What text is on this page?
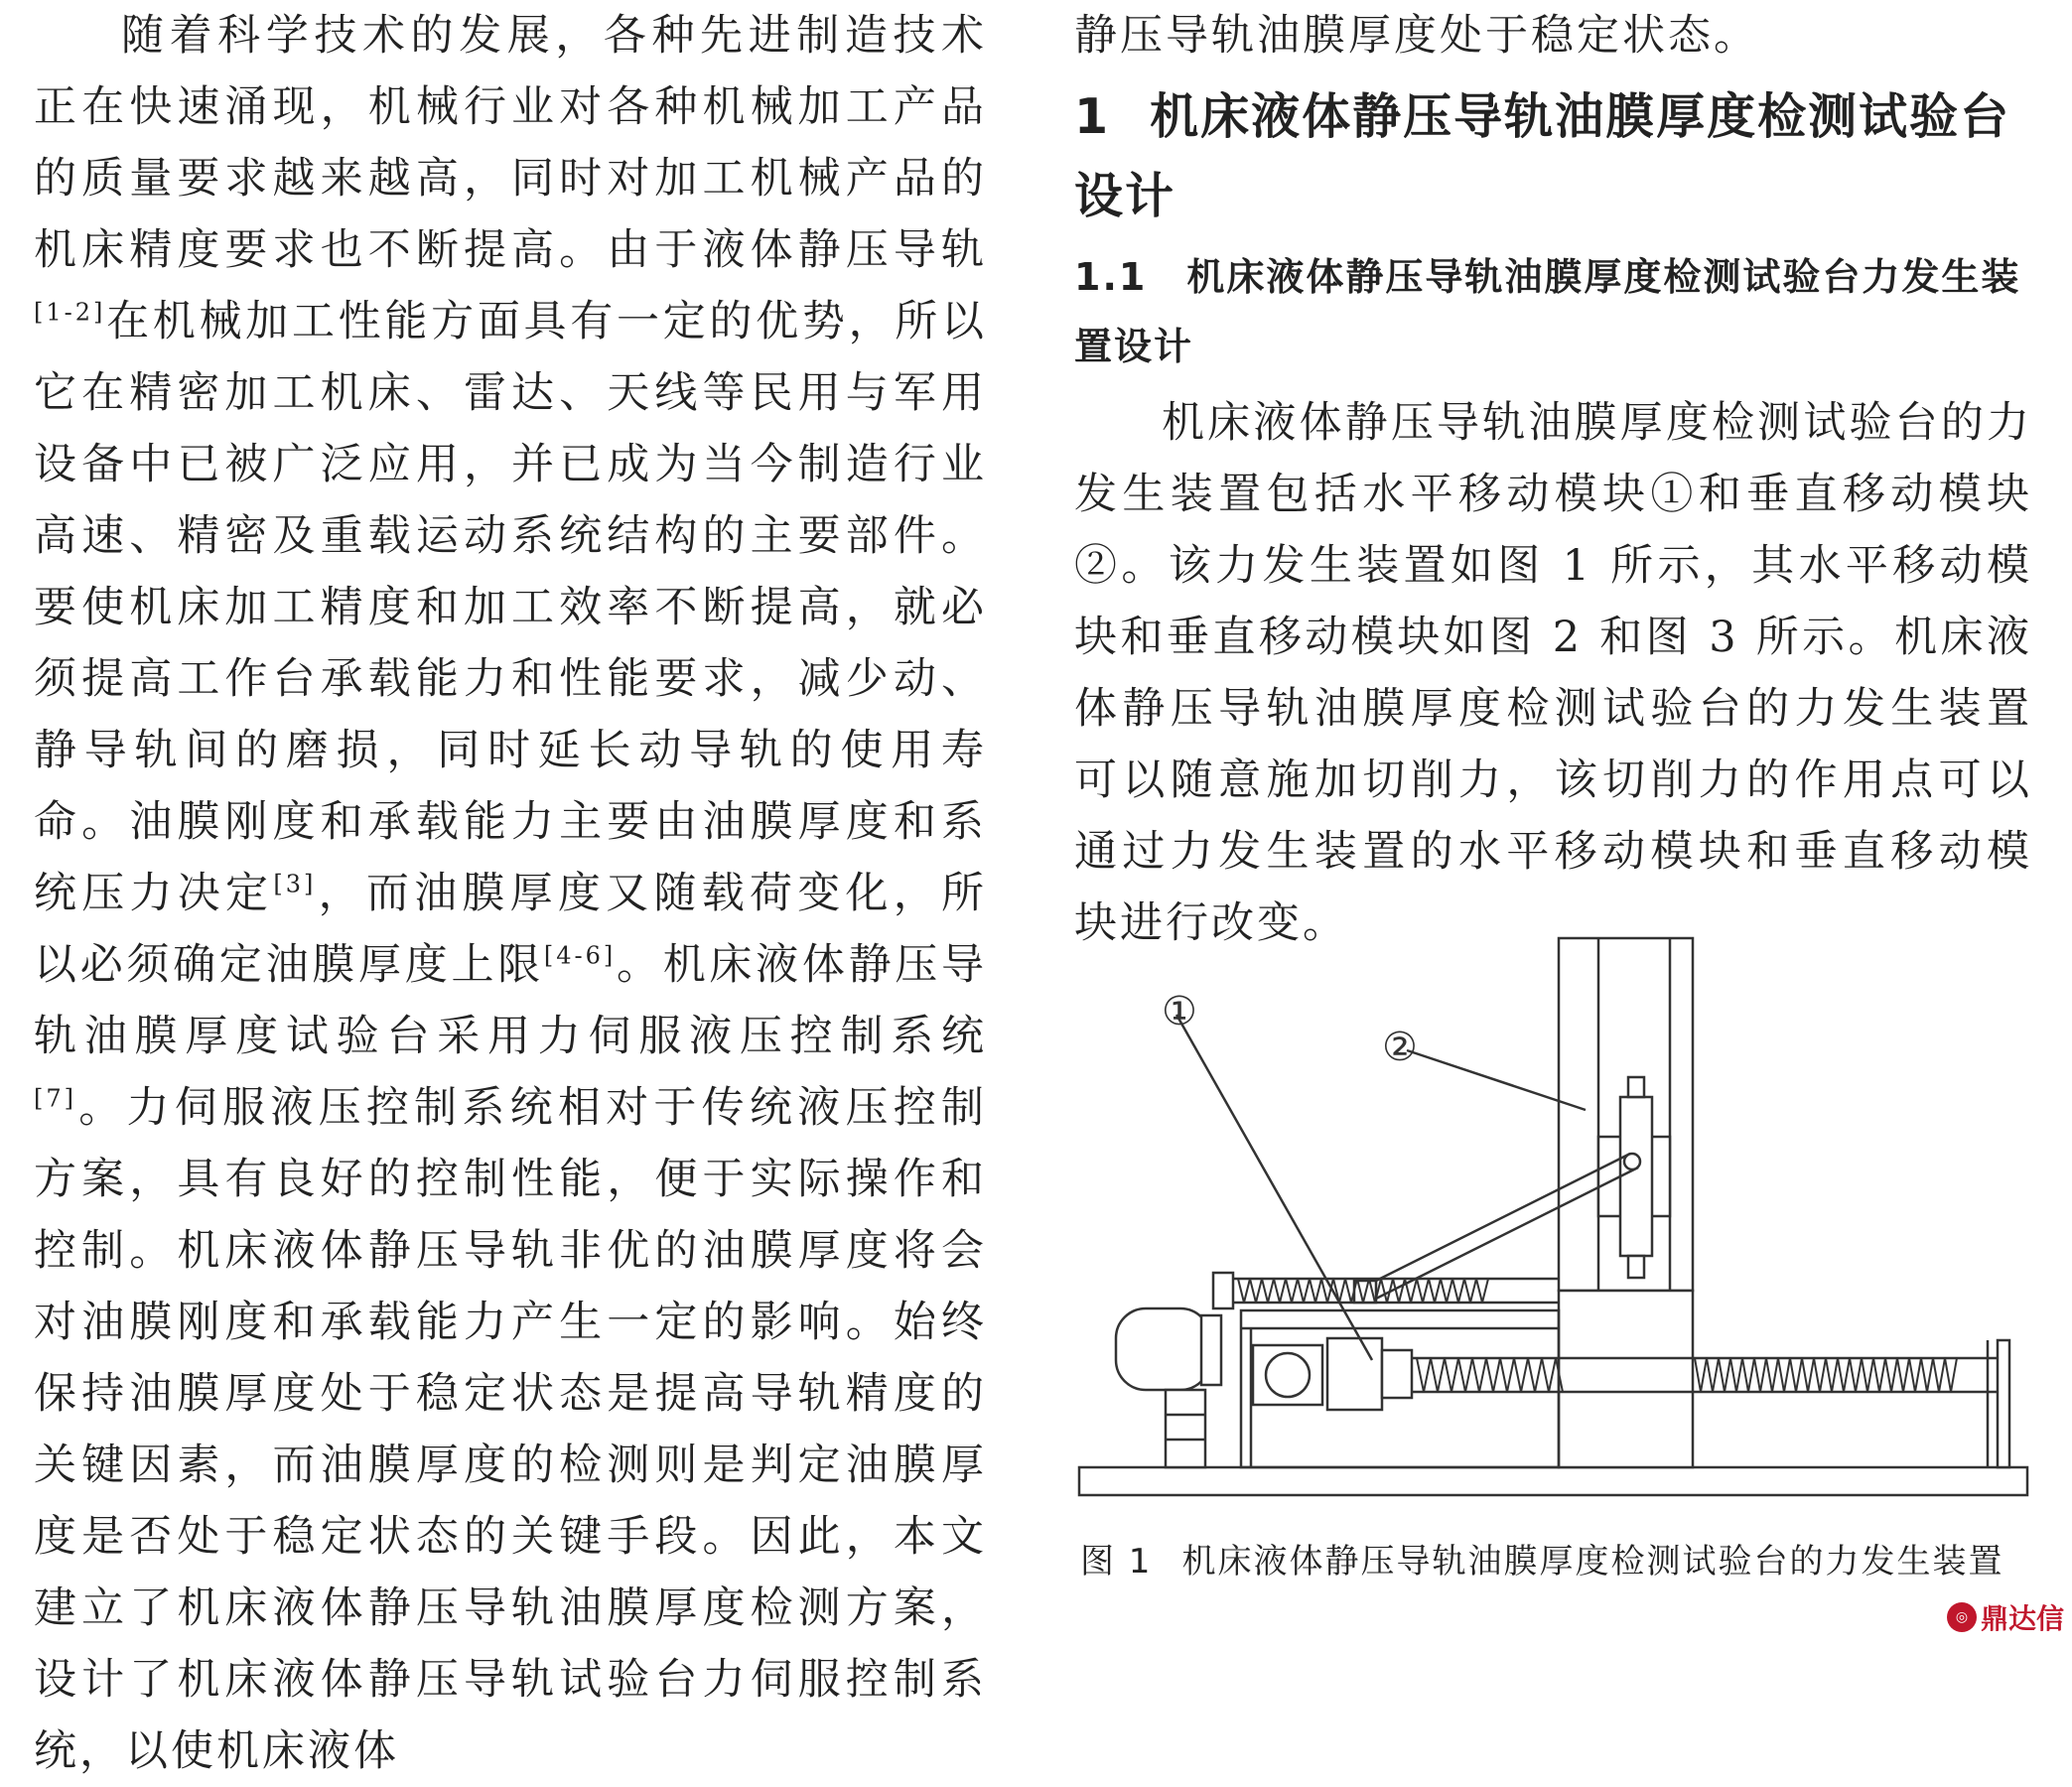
随着科学技术的发展，各种先进制造技术正在快速涌现，机械行业对各种机械加工产品的质量要求越来越高，同时对加工机械产品的机床精度要求也不断提高。由于液体静压导轨[1-2]在机械加工性能方面具有一定的优势，所以它在精密加工机床、雷达、天线等民用与军用设备中已被广泛应用，并已成为当今制造行业高速、精密及重载运动系统结构的主要部件。要使机床加工精度和加工效率不断提高，就必须提高工作台承载能力和性能要求，减少动、静导轨间的磨损，同时延长动导轨的使用寿命。油膜刚度和承载能力主要由油膜厚度和系统压力决定[3]，而油膜厚度又随载荷变化，所以必须确定油膜厚度上限[4-6]。机床液体静压导轨油膜厚度试验台采用力伺服液压控制系统[7]。力伺服液压控制系统相对于传统液压控制方案，具有良好的控制性能，便于实际操作和控制。机床液体静压导轨非优的油膜厚度将会对油膜刚度和承载能力产生一定的影响。始终保持油膜厚度处于稳定状态是提高导轨精度的关键因素，而油膜厚度的检测则是判定油膜厚度是否处于稳定状态的关键手段。因此，本文建立了机床液体静压导轨油膜厚度检测方案，设计了机床液体静压导轨试验台力伺服控制系统，以使机床液体

静压导轨油膜厚度处于稳定状态。

1 机床液体静压导轨油膜厚度检测试验台设计
1.1 机床液体静压导轨油膜厚度检测试验台力发生装置设计

机床液体静压导轨油膜厚度检测试验台的力发生装置包括水平移动模块①和垂直移动模块②。该力发生装置如图 1 所示，其水平移动模块和垂直移动模块如图 2 和图 3 所示。机床液体静压导轨油膜厚度检测试验台的力发生装置可以随意施加切削力，该切削力的作用点可以通过力发生装置的水平移动模块和垂直移动模块进行改变。

①
②

图 1 机床液体静压导轨油膜厚度检测试验台的力发生装置

◎ 鼎达信
